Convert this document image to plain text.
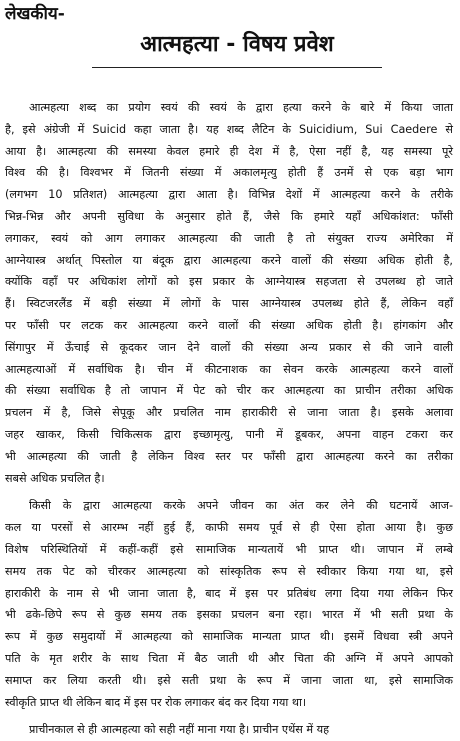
लेखकीय-
आत्महत्या - विषय प्रवेश
आत्महत्या शब्द का प्रयोग स्वयं की स्वयं के द्वारा हत्या करने के बारे में किया जाता
है, इसे अंग्रेजी में Suicid कहा जाता है। यह शब्द लैटिन के Suicidium, Sui Caedere से
आया है। आत्महत्या की समस्या केवल हमारे ही देश में है, ऐसा नहीं है, यह समस्या पूरे
विश्व की है। विश्वभर में जितनी संख्या में अकालमृत्यु होती हैं उनमें से एक बड़ा भाग
(लगभग 10 प्रतिशत) आत्महत्या द्वारा आता है। विभिन्न देशों में आत्महत्या करने के तरीके
भिन्न-भिन्न और अपनी सुविधा के अनुसार होते हैं, जैसे कि हमारे यहाँ अधिकांशत: फाँसी
लगाकर, स्वयं को आग लगाकर आत्महत्या की जाती है तो संयुक्त राज्य अमेरिका में
आग्नेयास्त्र अर्थात् पिस्तोल या बंदूक द्वारा आत्महत्या करने वालों की संख्या अधिक होती है,
क्योंकि वहाँ पर अधिकांश लोगों को इस प्रकार के आग्नेयास्त्र सहजता से उपलब्ध हो जाते
हैं। स्विटजरलैंड में बड़ी संख्या में लोगों के पास आग्नेयास्त्र उपलब्ध होते हैं, लेकिन वहाँ
पर फाँसी पर लटक कर आत्महत्या करने वालों की संख्या अधिक होती है। हांगकांग और
सिंगापुर में ऊँचाई से कूदकर जान देने वालों की संख्या अन्य प्रकार से की जाने वाली
आत्महत्याओं में सर्वाधिक है। चीन में कीटनाशक का सेवन करके आत्महत्या करने वालों
की संख्या सर्वाधिक है तो जापान में पेट को चीर कर आत्महत्या का प्राचीन तरीका अधिक
प्रचलन में है, जिसे सेपूकू और प्रचलित नाम हाराकीरी से जाना जाता है। इसके अलावा
जहर खाकर, किसी चिकित्सक द्वारा इच्छामृत्यु, पानी में डूबकर, अपना वाहन टकरा कर
भी आत्महत्या की जाती है लेकिन विश्व स्तर पर फाँसी द्वारा आत्महत्या करने का तरीका
सबसे अधिक प्रचलित है।
किसी के द्वारा आत्महत्या करके अपने जीवन का अंत कर लेने की घटनायें आज-
कल या परसों से आरम्भ नहीं हुई हैं, काफी समय पूर्व से ही ऐसा होता आया है। कुछ
विशेष परिस्थितियों में कहीं-कहीं इसे सामाजिक मान्यतायें भी प्राप्त थी। जापान में लम्बे
समय तक पेट को चीरकर आत्महत्या को सांस्कृतिक रूप से स्वीकार किया गया था, इसे
हाराकीरी के नाम से भी जाना जाता है, बाद में इस पर प्रतिबंध लगा दिया गया लेकिन फिर
भी ढके-छिपे रूप से कुछ समय तक इसका प्रचलन बना रहा। भारत में भी सती प्रथा के
रूप में कुछ समुदायों में आत्महत्या को सामाजिक मान्यता प्राप्त थी। इसमें विधवा स्त्री अपने
पति के मृत शरीर के साथ चिता में बैठ जाती थी और चिता की अग्नि में अपने आपको
समाप्त कर लिया करती थी। इसे सती प्रथा के रूप में जाना जाता था, इसे सामाजिक
स्वीकृति प्राप्त थी लेकिन बाद में इस पर रोक लगाकर बंद कर दिया गया था।
प्राचीनकाल से ही आत्महत्या को सही नहीं माना गया है। प्राचीन एथेंस में यह
